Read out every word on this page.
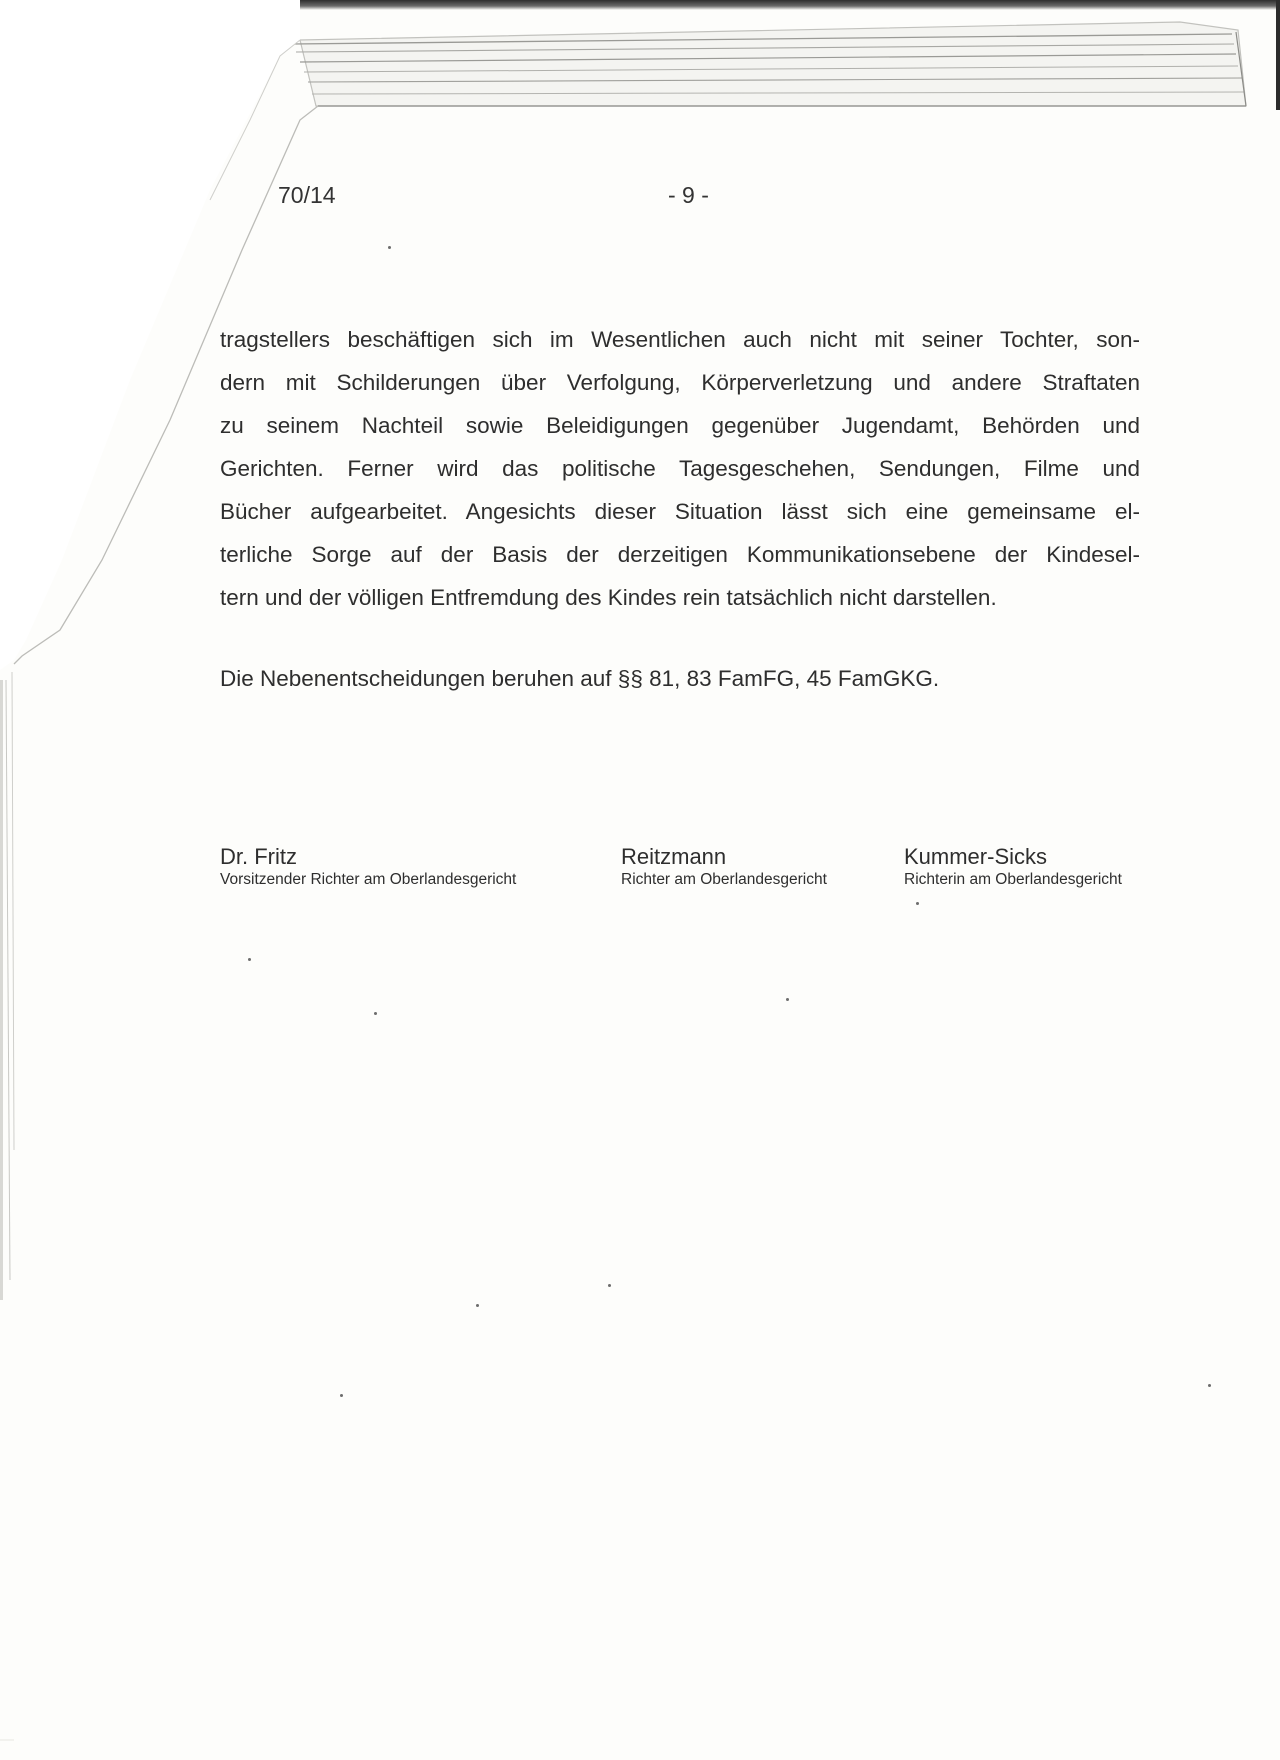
70/14	- 9 -
tragstellers beschäftigen sich im Wesentlichen auch nicht mit seiner Tochter, son-
dern mit Schilderungen über Verfolgung, Körperverletzung und andere Straftaten
zu seinem Nachteil sowie Beleidigungen gegenüber Jugendamt, Behörden und
Gerichten. Ferner wird das politische Tagesgeschehen, Sendungen, Filme und
Bücher aufgearbeitet. Angesichts dieser Situation lässt sich eine gemeinsame el-
terliche Sorge auf der Basis der derzeitigen Kommunikationsebene der Kindesel-
tern und der völligen Entfremdung des Kindes rein tatsächlich nicht darstellen.

Die Nebenentscheidungen beruhen auf §§ 81, 83 FamFG, 45 FamGKG.

Dr. Fritz
Vorsitzender Richter am Oberlandesgericht
Reitzmann
Richter am Oberlandesgericht
Kummer-Sicks
Richterin am Oberlandesgericht
